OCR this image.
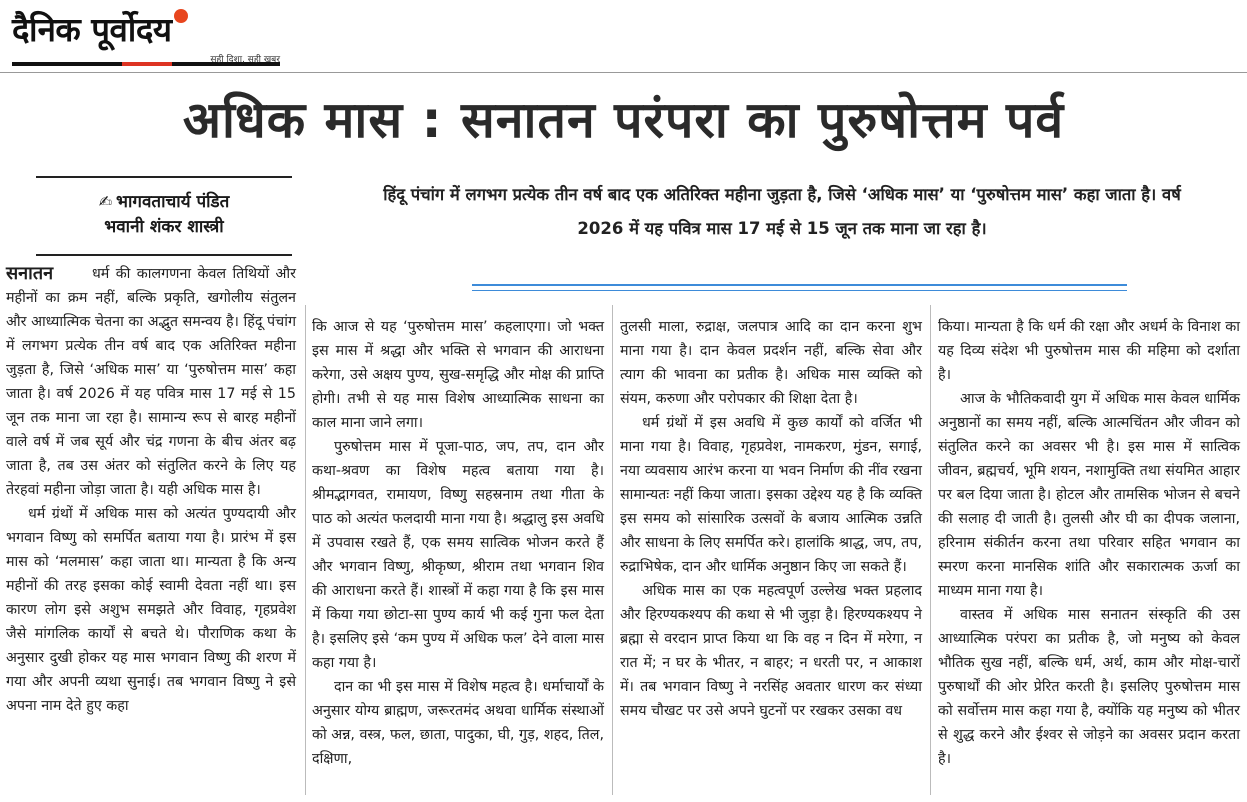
दैनिक पूर्वोदय
सही दिशा, सही खबर
अधिक मास : सनातन परंपरा का पुरुषोत्तम पर्व
✍ भागवताचार्य पंडित
भवानी शंकर शास्त्री
हिंदू पंचांग में लगभग प्रत्येक तीन वर्ष बाद एक अतिरिक्त महीना जुड़ता है, जिसे ‘अधिक मास’ या ‘पुरुषोत्तम मास’ कहा जाता है। वर्ष 2026 में यह पवित्र मास 17 मई से 15 जून तक माना जा रहा है।

सनातन	धर्म की कालगणना केवल तिथियों और महीनों का क्रम नहीं, बल्कि प्रकृति, खगोलीय संतुलन और आध्यात्मिक चेतना का अद्भुत समन्वय है। हिंदू पंचांग में लगभग प्रत्येक तीन वर्ष बाद एक अतिरिक्त महीना जुड़ता है, जिसे ‘अधिक मास’ या ‘पुरुषोत्तम मास’ कहा जाता है। वर्ष 2026 में यह पवित्र मास 17 मई से 15 जून तक माना जा रहा है। सामान्य रूप से बारह महीनों वाले वर्ष में जब सूर्य और चंद्र गणना के बीच अंतर बढ़ जाता है, तब उस अंतर को संतुलित करने के लिए यह तेरहवां महीना जोड़ा जाता है। यही अधिक मास है।

धर्म ग्रंथों में अधिक मास को अत्यंत पुण्यदायी और भगवान विष्णु को समर्पित बताया गया है। प्रारंभ में इस मास को ‘मलमास’ कहा जाता था। मान्यता है कि अन्य महीनों की तरह इसका कोई स्वामी देवता नहीं था। इस कारण लोग इसे अशुभ समझते और विवाह, गृहप्रवेश जैसे मांगलिक कार्यों से बचते थे। पौराणिक कथा के अनुसार दुखी होकर यह मास भगवान विष्णु की शरण में गया और अपनी व्यथा सुनाई। तब भगवान विष्णु ने इसे अपना नाम देते हुए कहा

कि आज से यह ‘पुरुषोत्तम मास’ कहलाएगा। जो भक्त इस मास में श्रद्धा और भक्ति से भगवान की आराधना करेगा, उसे अक्षय पुण्य, सुख-समृद्धि और मोक्ष की प्राप्ति होगी। तभी से यह मास विशेष आध्यात्मिक साधना का काल माना जाने लगा।

पुरुषोत्तम मास में पूजा-पाठ, जप, तप, दान और कथा-श्रवण का विशेष महत्व बताया गया है। श्रीमद्भागवत, रामायण, विष्णु सहस्रनाम तथा गीता के पाठ को अत्यंत फलदायी माना गया है। श्रद्धालु इस अवधि में उपवास रखते हैं, एक समय सात्विक भोजन करते हैं और भगवान विष्णु, श्रीकृष्ण, श्रीराम तथा भगवान शिव की आराधना करते हैं। शास्त्रों में कहा गया है कि इस मास में किया गया छोटा-सा पुण्य कार्य भी कई गुना फल देता है। इसलिए इसे ‘कम पुण्य में अधिक फल’ देने वाला मास कहा गया है।

दान का भी इस मास में विशेष महत्व है। धर्माचार्यों के अनुसार योग्य ब्राह्मण, जरूरतमंद अथवा धार्मिक संस्थाओं को अन्न, वस्त्र, फल, छाता, पादुका, घी, गुड़, शहद, तिल, दक्षिणा,

तुलसी माला, रुद्राक्ष, जलपात्र आदि का दान करना शुभ माना गया है। दान केवल प्रदर्शन नहीं, बल्कि सेवा और त्याग की भावना का प्रतीक है। अधिक मास व्यक्ति को संयम, करुणा और परोपकार की शिक्षा देता है।

धर्म ग्रंथों में इस अवधि में कुछ कार्यों को वर्जित भी माना गया है। विवाह, गृहप्रवेश, नामकरण, मुंडन, सगाई, नया व्यवसाय आरंभ करना या भवन निर्माण की नींव रखना सामान्यतः नहीं किया जाता। इसका उद्देश्य यह है कि व्यक्ति इस समय को सांसारिक उत्सवों के बजाय आत्मिक उन्नति और साधना के लिए समर्पित करे। हालांकि श्राद्ध, जप, तप, रुद्राभिषेक, दान और धार्मिक अनुष्ठान किए जा सकते हैं।

अधिक मास का एक महत्वपूर्ण उल्लेख भक्त प्रहलाद और हिरण्यकश्यप की कथा से भी जुड़ा है। हिरण्यकश्यप ने ब्रह्मा से वरदान प्राप्त किया था कि वह न दिन में मरेगा, न रात में; न घर के भीतर, न बाहर; न धरती पर, न आकाश में। तब भगवान विष्णु ने नरसिंह अवतार धारण कर संध्या समय चौखट पर उसे अपने घुटनों पर रखकर उसका वध

किया। मान्यता है कि धर्म की रक्षा और अधर्म के विनाश का यह दिव्य संदेश भी पुरुषोत्तम मास की महिमा को दर्शाता है।

आज के भौतिकवादी युग में अधिक मास केवल धार्मिक अनुष्ठानों का समय नहीं, बल्कि आत्मचिंतन और जीवन को संतुलित करने का अवसर भी है। इस मास में सात्विक जीवन, ब्रह्मचर्य, भूमि शयन, नशामुक्ति तथा संयमित आहार पर बल दिया जाता है। होटल और तामसिक भोजन से बचने की सलाह दी जाती है। तुलसी और घी का दीपक जलाना, हरिनाम संकीर्तन करना तथा परिवार सहित भगवान का स्मरण करना मानसिक शांति और सकारात्मक ऊर्जा का माध्यम माना गया है।

वास्तव में अधिक मास सनातन संस्कृति की उस आध्यात्मिक परंपरा का प्रतीक है, जो मनुष्य को केवल भौतिक सुख नहीं, बल्कि धर्म, अर्थ, काम और मोक्ष-चारों पुरुषार्थों की ओर प्रेरित करती है। इसलिए पुरुषोत्तम मास को सर्वोत्तम मास कहा गया है, क्योंकि यह मनुष्य को भीतर से शुद्ध करने और ईश्वर से जोड़ने का अवसर प्रदान करता है।
